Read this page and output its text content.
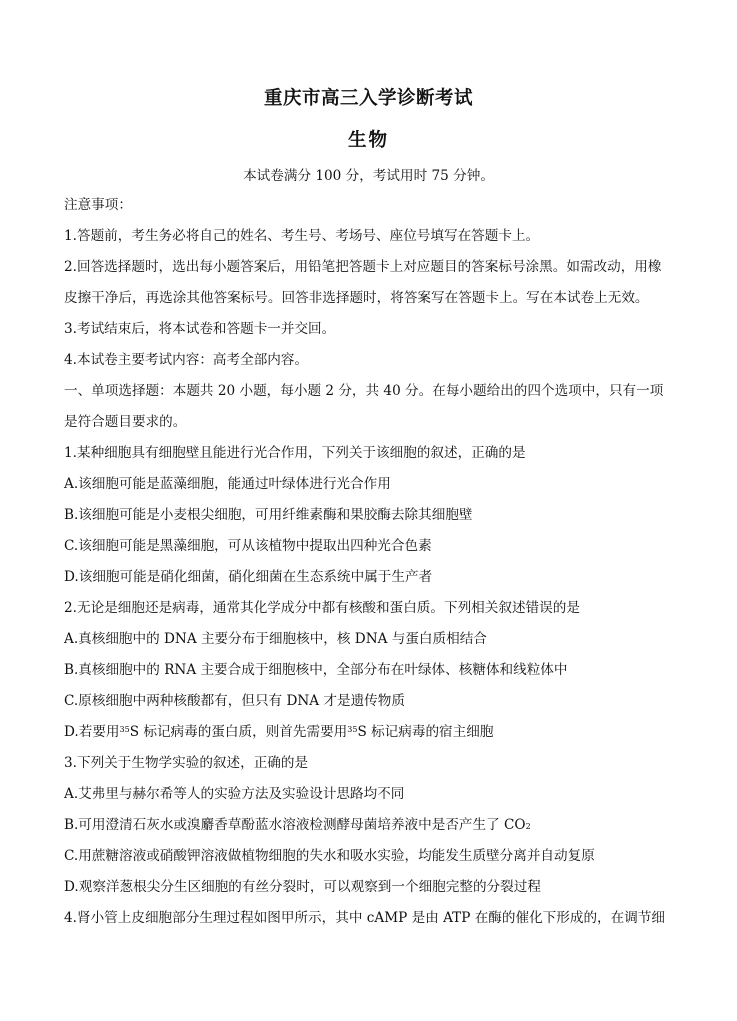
重庆市高三入学诊断考试
生物
本试卷满分 100 分，考试用时 75 分钟。
注意事项：
1.答题前，考生务必将自己的姓名、考生号、考场号、座位号填写在答题卡上。
2.回答选择题时，选出每小题答案后，用铅笔把答题卡上对应题目的答案标号涂黑。如需改动，用橡
皮擦干净后，再选涂其他答案标号。回答非选择题时，将答案写在答题卡上。写在本试卷上无效。
3.考试结束后，将本试卷和答题卡一并交回。
4.本试卷主要考试内容：高考全部内容。
一、单项选择题：本题共 20 小题，每小题 2 分，共 40 分。在每小题给出的四个选项中，只有一项
是符合题目要求的。
1.某种细胞具有细胞壁且能进行光合作用，下列关于该细胞的叙述，正确的是
A.该细胞可能是蓝藻细胞，能通过叶绿体进行光合作用
B.该细胞可能是小麦根尖细胞，可用纤维素酶和果胶酶去除其细胞壁
C.该细胞可能是黑藻细胞，可从该植物中提取出四种光合色素
D.该细胞可能是硝化细菌，硝化细菌在生态系统中属于生产者
2.无论是细胞还是病毒，通常其化学成分中都有核酸和蛋白质。下列相关叙述错误的是
A.真核细胞中的 DNA 主要分布于细胞核中，核 DNA 与蛋白质相结合
B.真核细胞中的 RNA 主要合成于细胞核中，全部分布在叶绿体、核糖体和线粒体中
C.原核细胞中两种核酸都有，但只有 DNA 才是遗传物质
D.若要用$^{35}$S 标记病毒的蛋白质，则首先需要用$^{35}$S 标记病毒的宿主细胞
3.下列关于生物学实验的叙述，正确的是
A.艾弗里与赫尔希等人的实验方法及实验设计思路均不同
B.可用澄清石灰水或溴麝香草酚蓝水溶液检测酵母菌培养液中是否产生了 $CO_2$
C.用蔗糖溶液或硝酸钾溶液做植物细胞的失水和吸水实验，均能发生质壁分离并自动复原
D.观察洋葱根尖分生区细胞的有丝分裂时，可以观察到一个细胞完整的分裂过程
4.肾小管上皮细胞部分生理过程如图甲所示，其中 cAMP 是由 ATP 在酶的催化下形成的，在调节细
